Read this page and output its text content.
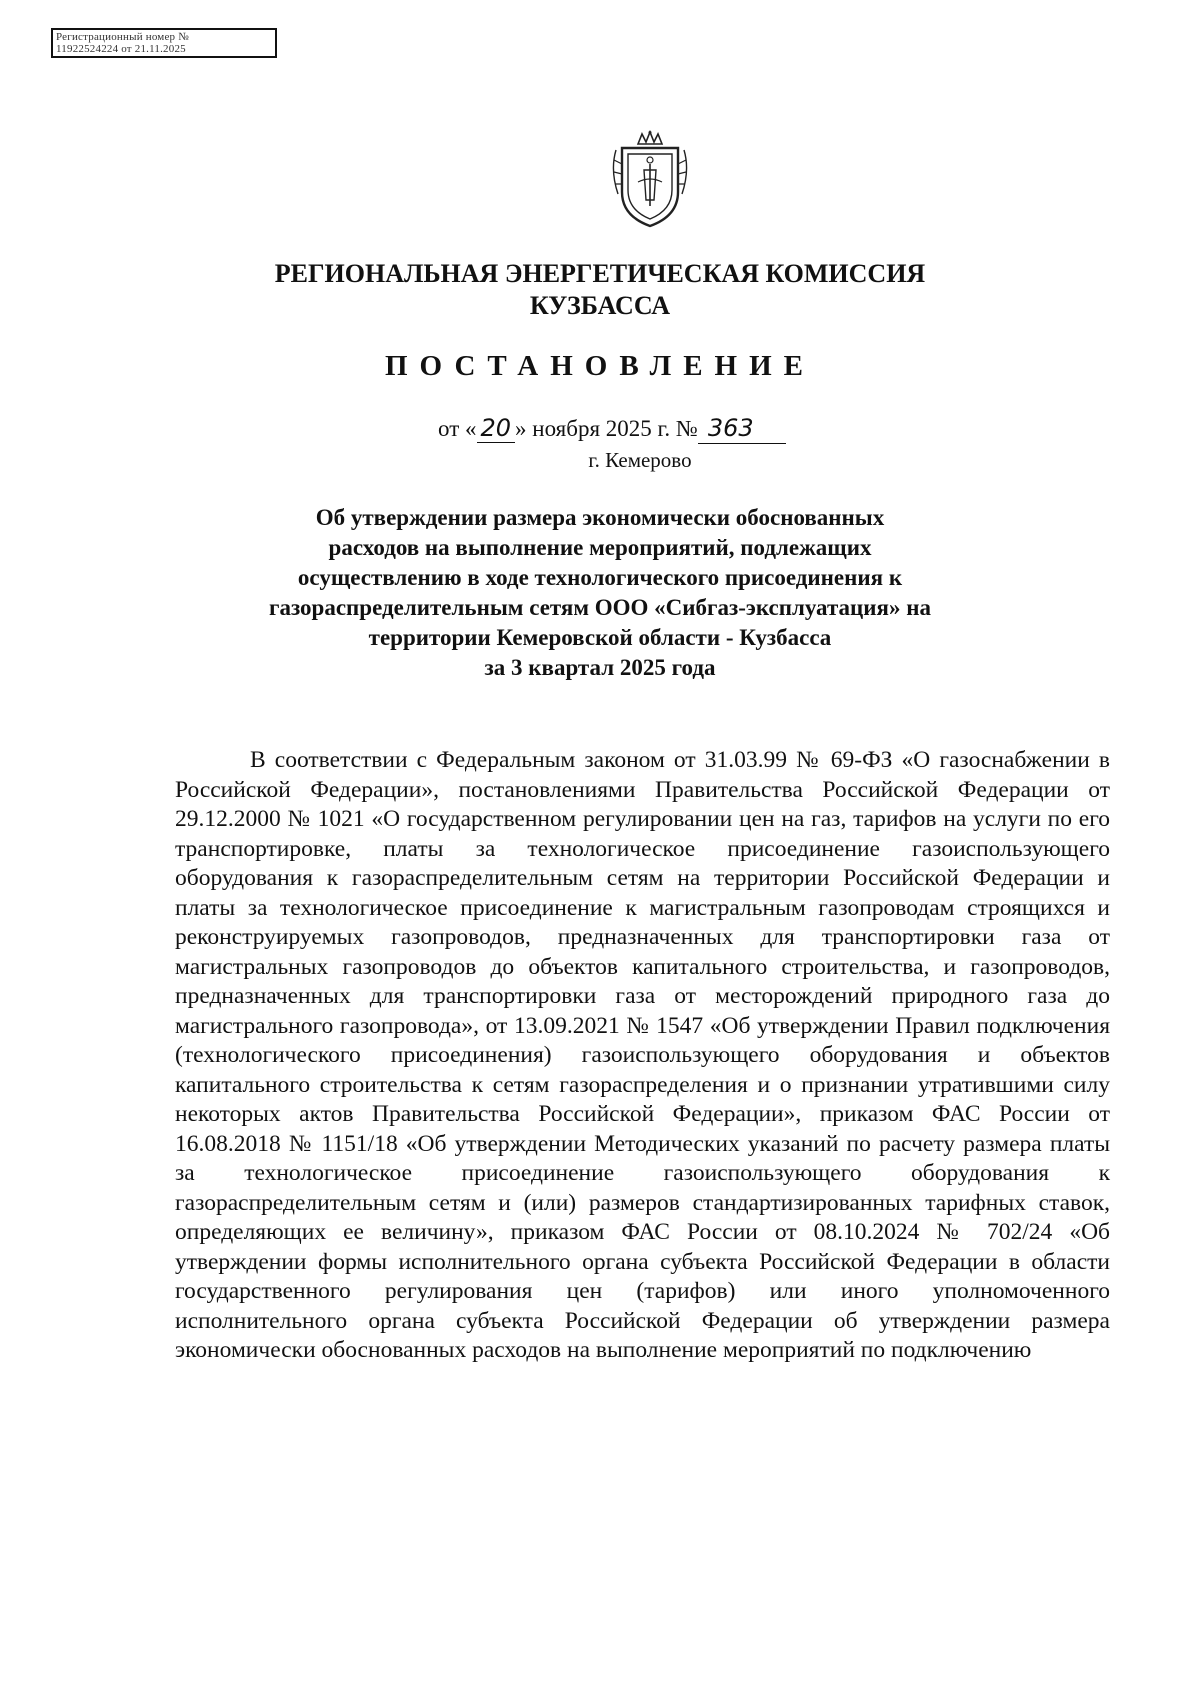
Регистрационный номер №
11922524224 от 21.11.2025
РЕГИОНАЛЬНАЯ ЭНЕРГЕТИЧЕСКАЯ КОМИССИЯ
КУЗБАССА
ПОСТАНОВЛЕНИЕ
от « 20 » ноября 2025 г. № 363
г. Кемерово
Об утверждении размера экономически обоснованных
расходов на выполнение мероприятий, подлежащих
осуществлению в ходе технологического присоединения к
газораспределительным сетям ООО «Сибгаз-эксплуатация» на
территории Кемеровской области - Кузбасса
за 3 квартал 2025 года
В соответствии с Федеральным законом от 31.03.99 № 69-ФЗ «О газоснабжении в Российской Федерации», постановлениями Правительства Российской Федерации от 29.12.2000 № 1021 «О государственном регулировании цен на газ, тарифов на услуги по его транспортировке, платы за технологическое присоединение газоиспользующего оборудования к газораспределительным сетям на территории Российской Федерации и платы за технологическое присоединение к магистральным газопроводам строящихся и реконструируемых газопроводов, предназначенных для транспортировки газа от магистральных газопроводов до объектов капитального строительства, и газопроводов, предназначенных для транспортировки газа от месторождений природного газа до магистрального газопровода», от 13.09.2021 № 1547 «Об утверждении Правил подключения (технологического присоединения) газоиспользующего оборудования и объектов капитального строительства к сетям газораспределения и о признании утратившими силу некоторых актов Правительства Российской Федерации», приказом ФАС России от 16.08.2018 № 1151/18 «Об утверждении Методических указаний по расчету размера платы за технологическое присоединение газоиспользующего оборудования к газораспределительным сетям и (или) размеров стандартизированных тарифных ставок, определяющих ее величину», приказом ФАС России от 08.10.2024 № 702/24 «Об утверждении формы исполнительного органа субъекта Российской Федерации в области государственного регулирования цен (тарифов) или иного уполномоченного исполнительного органа субъекта Российской Федерации об утверждении размера экономически обоснованных расходов на выполнение мероприятий по подключению
